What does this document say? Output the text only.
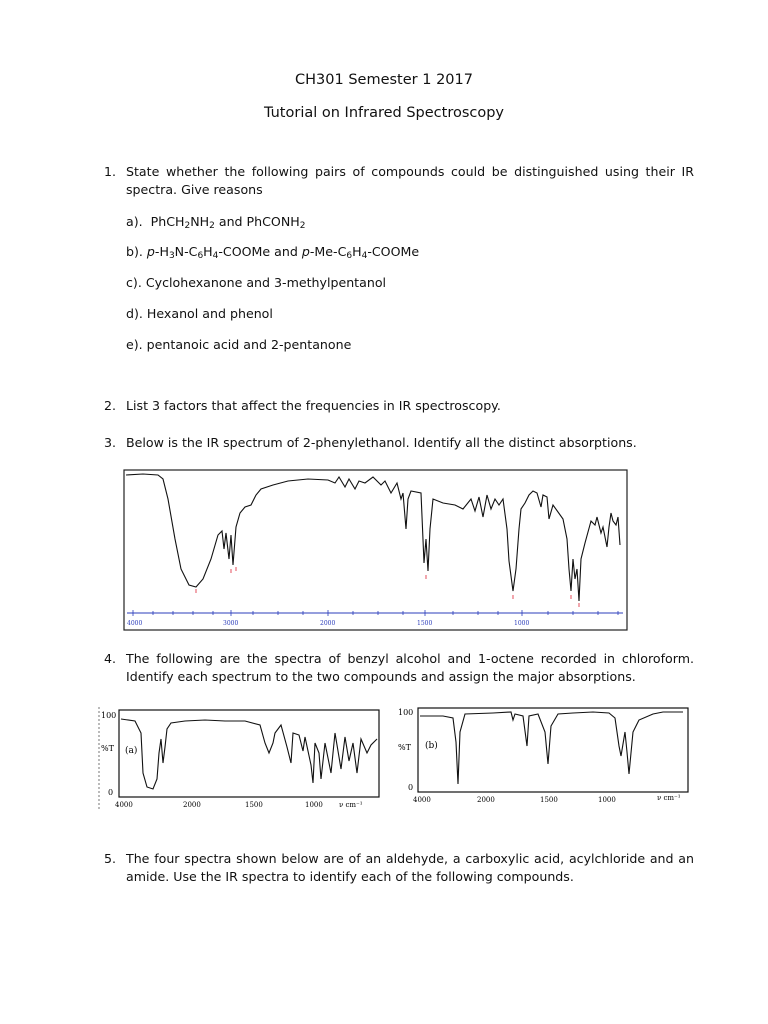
CH301 Semester 1 2017
Tutorial on Infrared Spectroscopy
1. State whether the following pairs of compounds could be distinguished using their IR spectra. Give reasons
a).  $PhCH_2NH_2$ and PhCONH$_2$
b). $p-H_3N-C_6H_4$-COOMe and $p-Me-C_6H_4$-COOMe
c). Cyclohexanone and 3-methylpentanol
d). Hexanol and phenol
e). pentanoic acid and 2-pentanone
2. List 3 factors that affect the frequencies in IR spectroscopy.
3. Below is the IR spectrum of 2-phenylethanol. Identify all the distinct absorptions.
4000	3000	2000	1500	1000
4. The following are the spectra of benzyl alcohol and 1-octene recorded in chloroform. Identify each spectrum to the two compounds and assign the major absorptions.
100
%T
0
(a)
4000	2000	1500	1000 ν cm⁻¹
100
%T
0
(b)
4000	2000	1500	1000	ν cm⁻¹
5. The four spectra shown below are of an aldehyde, a carboxylic acid, acylchloride and an amide. Use the IR spectra to identify each of the following compounds.
